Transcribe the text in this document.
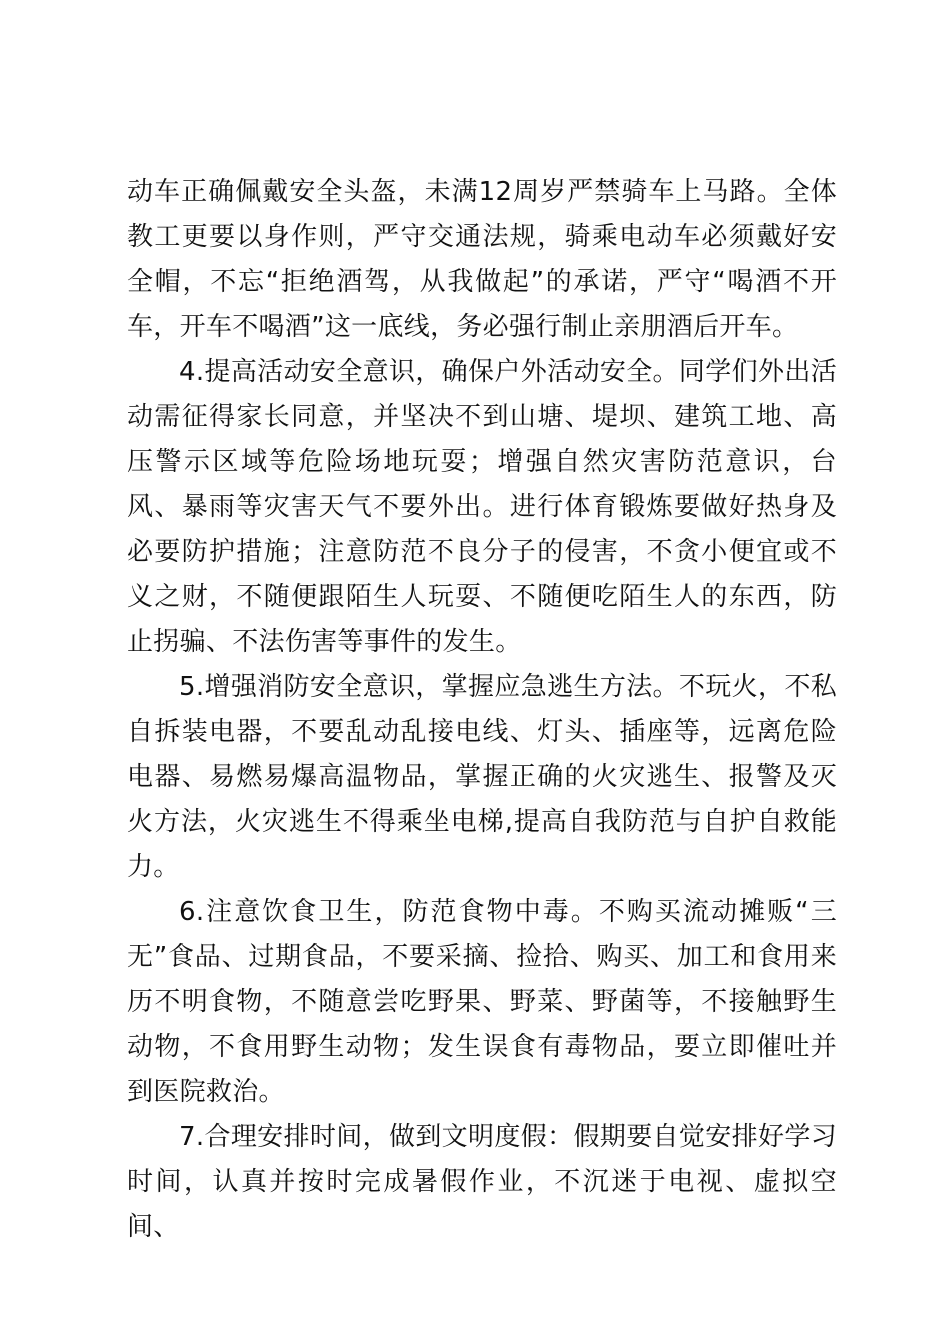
动车正确佩戴安全头盔，未满12周岁严禁骑车上马路。全体教工更要以身作则，严守交通法规，骑乘电动车必须戴好安全帽，不忘“拒绝酒驾，从我做起”的承诺，严守“喝酒不开车，开车不喝酒”这一底线，务必强行制止亲朋酒后开车。

4.提高活动安全意识，确保户外活动安全。同学们外出活动需征得家长同意，并坚决不到山塘、堤坝、建筑工地、高压警示区域等危险场地玩耍；增强自然灾害防范意识，台风、暴雨等灾害天气不要外出。进行体育锻炼要做好热身及必要防护措施；注意防范不良分子的侵害，不贪小便宜或不义之财，不随便跟陌生人玩耍、不随便吃陌生人的东西，防止拐骗、不法伤害等事件的发生。

5.增强消防安全意识，掌握应急逃生方法。不玩火，不私自拆装电器，不要乱动乱接电线、灯头、插座等，远离危险电器、易燃易爆高温物品，掌握正确的火灾逃生、报警及灭火方法，火灾逃生不得乘坐电梯,提高自我防范与自护自救能力。

6.注意饮食卫生，防范食物中毒。不购买流动摊贩“三无”食品、过期食品，不要采摘、捡拾、购买、加工和食用来历不明食物，不随意尝吃野果、野菜、野菌等，不接触野生动物，不食用野生动物；发生误食有毒物品，要立即催吐并到医院救治。

7.合理安排时间，做到文明度假：假期要自觉安排好学习时间，认真并按时完成暑假作业，不沉迷于电视、虚拟空间、
